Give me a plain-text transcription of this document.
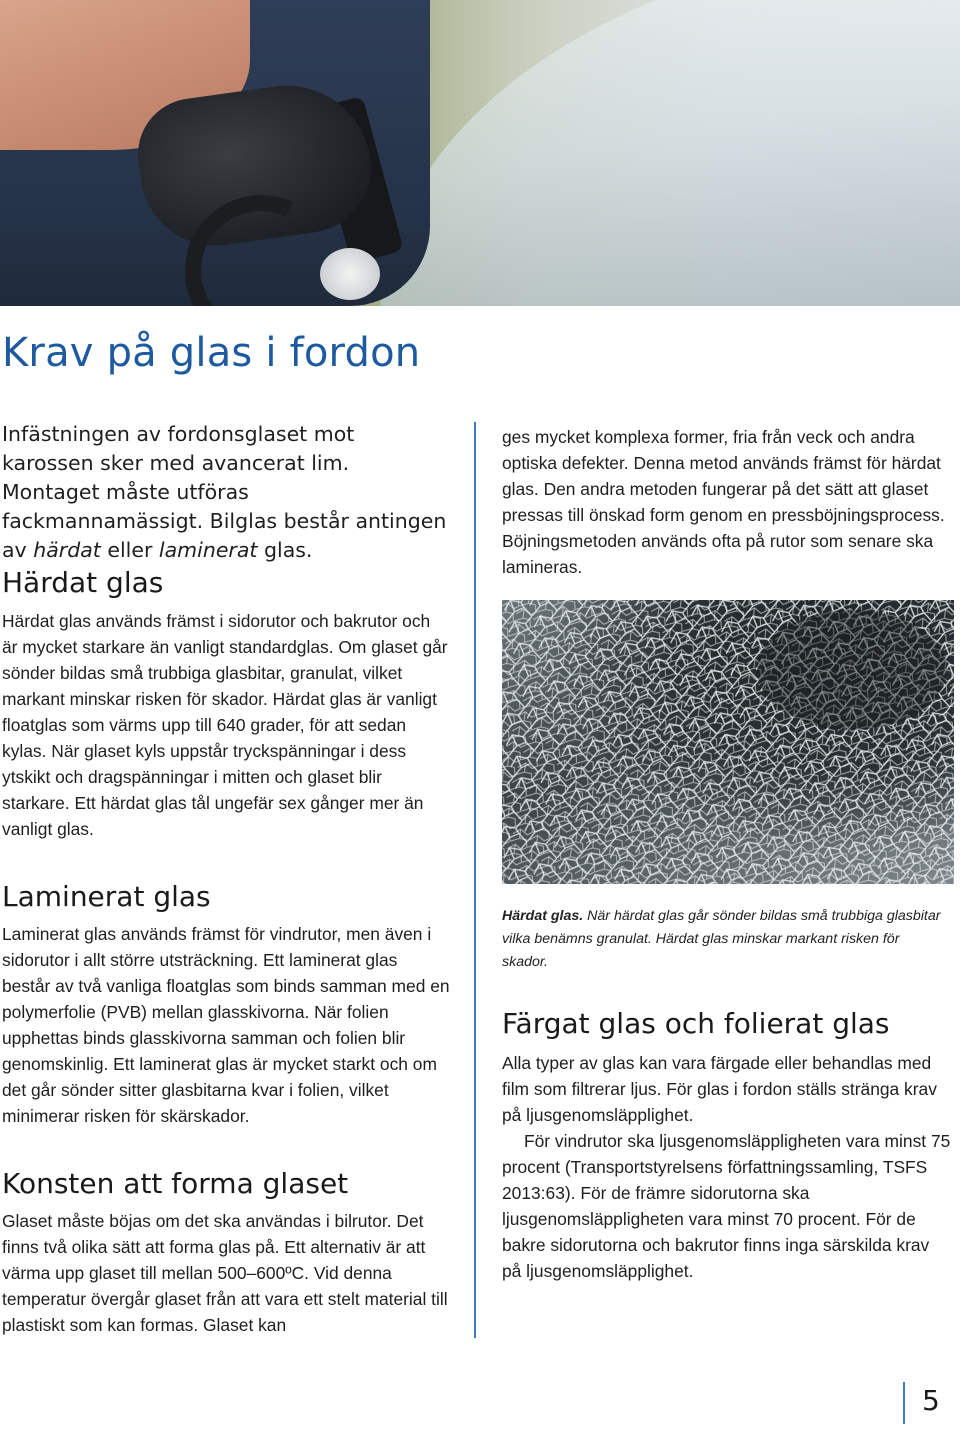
Krav på glas i fordon

Infästningen av fordonsglaset mot karossen sker med avancerat lim. Montaget måste utföras fackmannamässigt. Bilglas består antingen av härdat eller laminerat glas.

Härdat glas

Härdat glas används främst i sidorutor och bakrutor och är mycket starkare än vanligt standardglas. Om glaset går sönder bildas små trubbiga glasbitar, granulat, vilket markant minskar risken för skador. Härdat glas är vanligt floatglas som värms upp till 640 grader, för att sedan kylas. När glaset kyls uppstår tryckspänningar i dess ytskikt och dragspänningar i mitten och glaset blir starkare. Ett härdat glas tål ungefär sex gånger mer än vanligt glas.

Laminerat glas

Laminerat glas används främst för vindrutor, men även i sidorutor i allt större utsträckning. Ett laminerat glas består av två vanliga floatglas som binds samman med en polymerfolie (PVB) mellan glasskivorna. När folien upphettas binds glasskivorna samman och folien blir genomskinlig. Ett laminerat glas är mycket starkt och om det går sönder sitter glasbitarna kvar i folien, vilket minimerar risken för skärskador.

Konsten att forma glaset

Glaset måste böjas om det ska användas i bilrutor. Det finns två olika sätt att forma glas på. Ett alternativ är att värma upp glaset till mellan 500–600ºC. Vid denna temperatur övergår glaset från att vara ett stelt material till plastiskt som kan formas. Glaset kan

ges mycket komplexa former, fria från veck och andra optiska defekter. Denna metod används främst för härdat glas. Den andra metoden fungerar på det sätt att glaset pressas till önskad form genom en pressböjningsprocess. Böjningsmetoden används ofta på rutor som senare ska lamineras.

Härdat glas. När härdat glas går sönder bildas små trubbiga glasbitar vilka benämns granulat. Härdat glas minskar markant risken för skador.

Färgat glas och folierat glas

Alla typer av glas kan vara färgade eller behandlas med film som filtrerar ljus. För glas i fordon ställs stränga krav på ljusgenomsläpplighet.

För vindrutor ska ljusgenomsläppligheten vara minst 75 procent (Transportstyrelsens författningssamling, TSFS 2013:63). För de främre sidorutorna ska ljusgenomsläppligheten vara minst 70 procent. För de bakre sidorutorna och bakrutor finns inga särskilda krav på ljusgenomsläpplighet.

5
